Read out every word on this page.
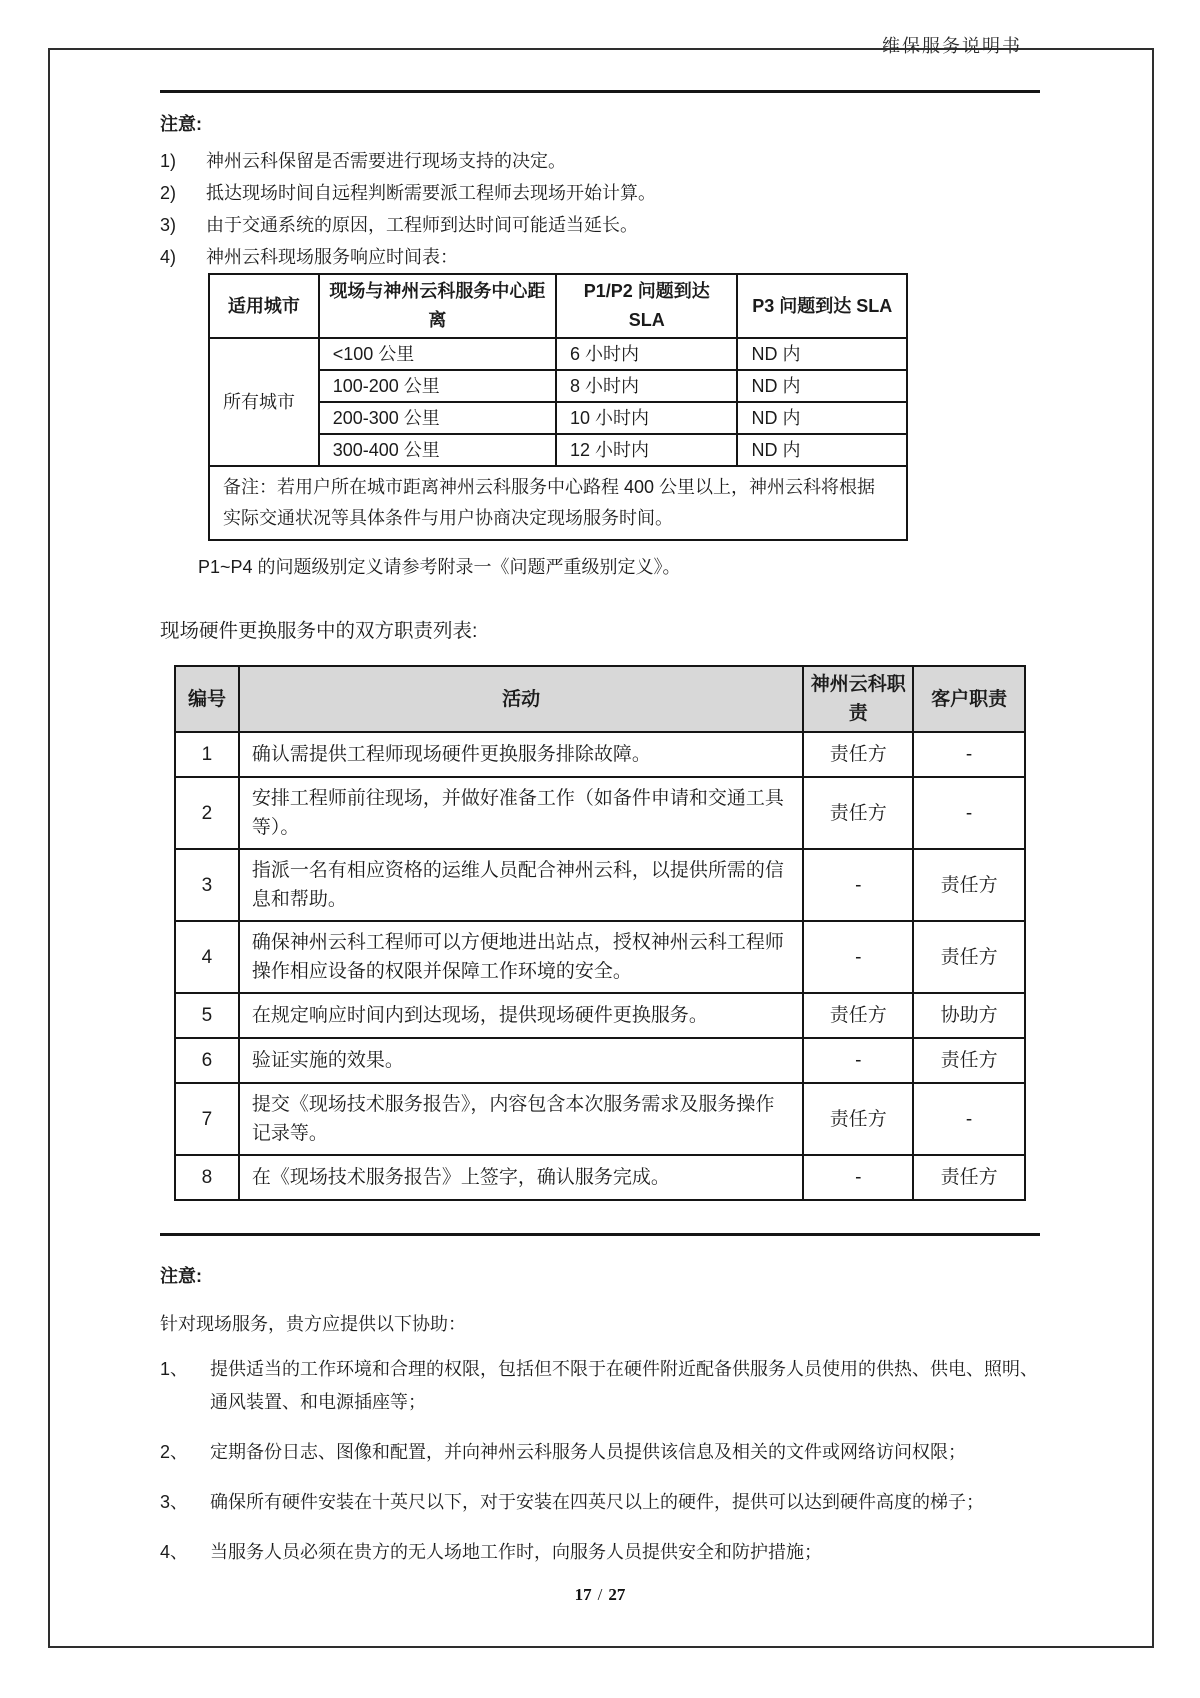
维保服务说明书
注意:
1)	神州云科保留是否需要进行现场支持的决定。
2)	抵达现场时间自远程判断需要派工程师去现场开始计算。
3)	由于交通系统的原因，工程师到达时间可能适当延长。
4)	神州云科现场服务响应时间表：
适用城市	现场与神州云科服务中心距离	P1/P2 问题到达 SLA	P3 问题到达 SLA
所有城市	<100 公里	6 小时内	ND 内
	100-200 公里	8 小时内	ND 内
	200-300 公里	10 小时内	ND 内
	300-400 公里	12 小时内	ND 内
备注：若用户所在城市距离神州云科服务中心路程 400 公里以上，神州云科将根据实际交通状况等具体条件与用户协商决定现场服务时间。			
P1~P4 的问题级别定义请参考附录一《问题严重级别定义》。
现场硬件更换服务中的双方职责列表:
编号	活动	神州云科职责	客户职责
1	确认需提供工程师现场硬件更换服务排除故障。	责任方	-
2	安排工程师前往现场，并做好准备工作（如备件申请和交通工具等）。	责任方	-
3	指派一名有相应资格的运维人员配合神州云科，以提供所需的信息和帮助。	-	责任方
4	确保神州云科工程师可以方便地进出站点，授权神州云科工程师操作相应设备的权限并保障工作环境的安全。	-	责任方
5	在规定响应时间内到达现场，提供现场硬件更换服务。	责任方	协助方
6	验证实施的效果。	-	责任方
7	提交《现场技术服务报告》，内容包含本次服务需求及服务操作记录等。	责任方	-
8	在《现场技术服务报告》上签字，确认服务完成。	-	责任方
注意:
针对现场服务，贵方应提供以下协助：
1、	提供适当的工作环境和合理的权限，包括但不限于在硬件附近配备供服务人员使用的供热、供电、照明、通风装置、和电源插座等；
2、	定期备份日志、图像和配置，并向神州云科服务人员提供该信息及相关的文件或网络访问权限；
3、	确保所有硬件安装在十英尺以下，对于安装在四英尺以上的硬件，提供可以达到硬件高度的梯子；
4、	当服务人员必须在贵方的无人场地工作时，向服务人员提供安全和防护措施；
17 / 27
